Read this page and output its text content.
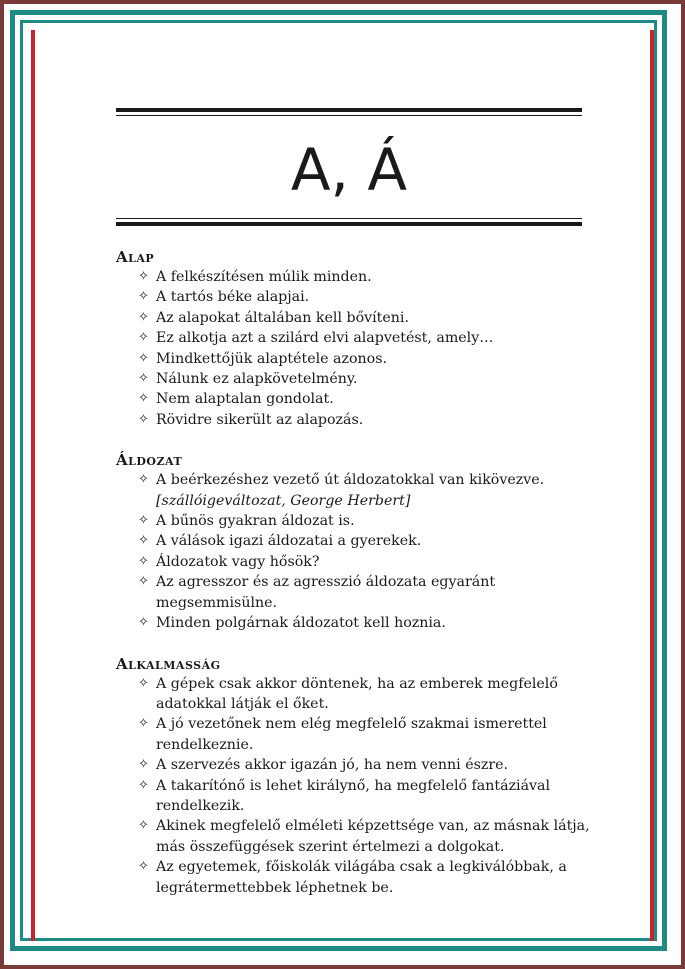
A, Á
Alap
✧ A felkészítésen múlik minden.
✧ A tartós béke alapjai.
✧ Az alapokat általában kell bővíteni.
✧ Ez alkotja azt a szilárd elvi alapvetést, amely…
✧ Mindkettőjük alaptétele azonos.
✧ Nálunk ez alapkövetelmény.
✧ Nem alaptalan gondolat.
✧ Rövidre sikerült az alapozás.
Áldozat
✧ A beérkezéshez vezető út áldozatokkal van kikövezve.
[szállóigeváltozat, George Herbert]
✧ A bűnös gyakran áldozat is.
✧ A válások igazi áldozatai a gyerekek.
✧ Áldozatok vagy hősök?
✧ Az agresszor és az agresszió áldozata egyaránt megsemmisülne.
✧ Minden polgárnak áldozatot kell hoznia.
Alkalmasság
✧ A gépek csak akkor döntenek, ha az emberek megfelelő adatokkal látják el őket.
✧ A jó vezetőnek nem elég megfelelő szakmai ismerettel rendelkeznie.
✧ A szervezés akkor igazán jó, ha nem venni észre.
✧ A takarítónő is lehet királynő, ha megfelelő fantáziával rendelkezik.
✧ Akinek megfelelő elméleti képzettsége van, az másnak látja, más összefüggések szerint értelmezi a dolgokat.
✧ Az egyetemek, főiskolák világába csak a legkiválóbbak, a legrátermettebbek léphetnek be.
